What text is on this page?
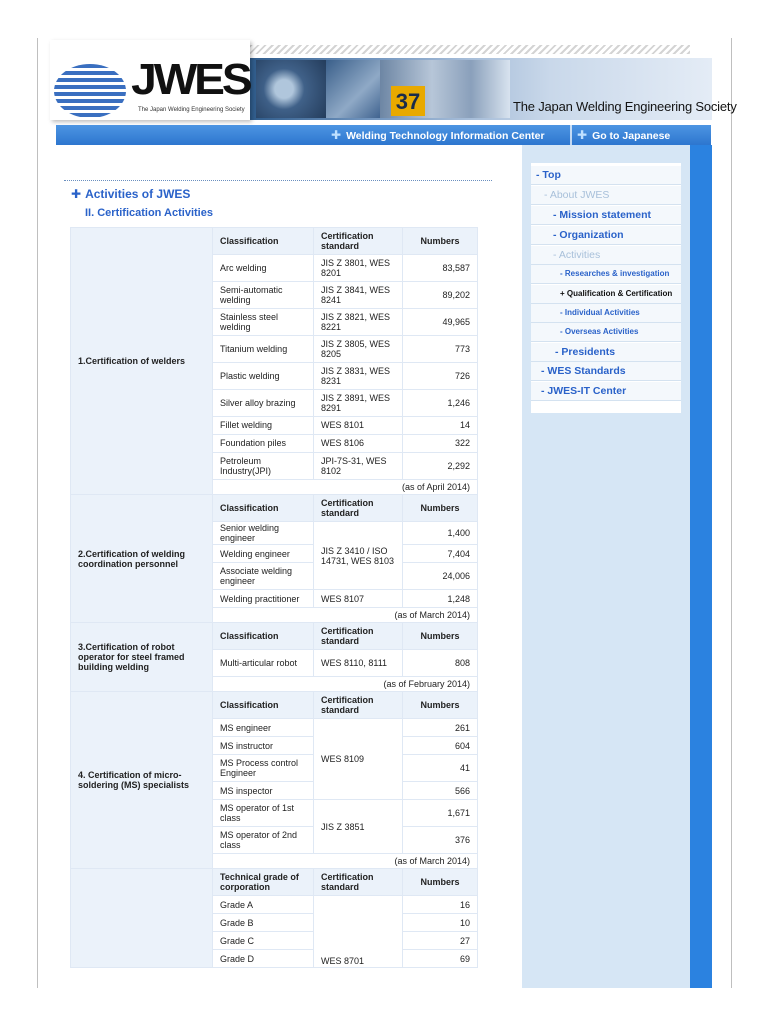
37	The Japan Welding Engineering Society
JWES
The Japan Welding Engineering Society
✚ Welding Technology Information Center	✚ Go to Japanese
✚ Activities of JWES
II. Certification Activities
1.Certification of welders	Classification	Certification standard	Numbers
	Arc welding	JIS Z 3801, WES 8201	83,587
	Semi-automatic welding	JIS Z 3841, WES 8241	89,202
	Stainless steel welding	JIS Z 3821, WES 8221	49,965
	Titanium welding	JIS Z 3805, WES 8205	773
	Plastic welding	JIS Z 3831, WES 8231	726
	Silver alloy brazing	JIS Z 3891, WES 8291	1,246
	Fillet welding	WES 8101	14
	Foundation piles	WES 8106	322
	Petroleum Industry(JPI)	JPI-7S-31, WES 8102	2,292
	(as of April 2014)		
2.Certification of welding coordination personnel	Classification	Certification standard	Numbers
	Senior welding engineer	JIS Z 3410 / ISO 14731, WES 8103	1,400
	Welding engineer		7,404
	Associate welding engineer		24,006
	Welding practitioner	WES 8107	1,248
	(as of March 2014)		
3.Certification of robot operator for steel framed building welding	Classification	Certification standard	Numbers
	Multi-articular robot	WES 8110, 8111	808
	(as of February 2014)		
4. Certification of micro-soldering (MS) specialists	Classification	Certification standard	Numbers
	MS engineer	WES 8109	261
	MS instructor		604
	MS Process control Engineer		41
	MS inspector		566
	MS operator of 1st class	JIS Z 3851	1,671
	MS operator of 2nd class		376
	(as of March 2014)		
	Technical grade of corporation	Certification standard	Numbers
	Grade A	WES 8701	16
	Grade B		10
	Grade C		27
	Grade D		69
- Top
- About JWES
- Mission statement
- Organization
- Activities
- Researches & investigation
+ Qualification & Certification
- Individual Activities
- Overseas Activities
- Presidents
- WES Standards
- JWES-IT Center
